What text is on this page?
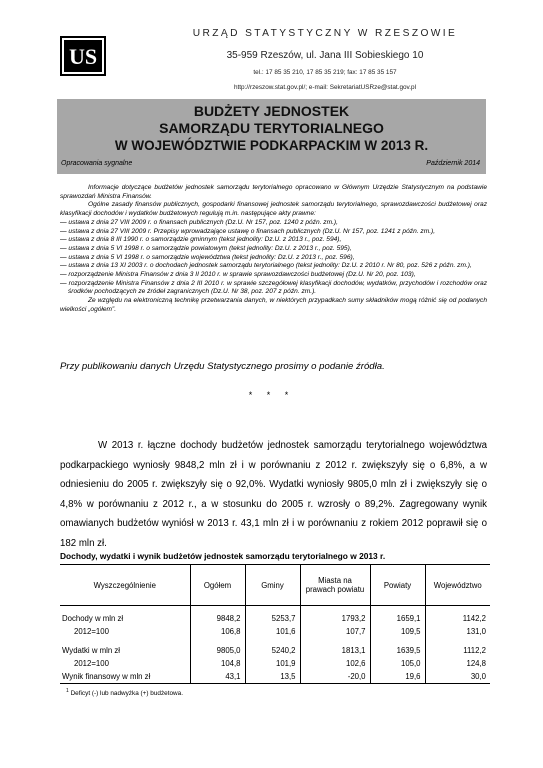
US
URZĄD STATYSTYCZNY W RZESZOWIE
35-959 Rzeszów, ul. Jana III Sobieskiego 10
tel.: 17 85 35 210, 17 85 35 219; fax: 17 85 35 157
http://rzeszow.stat.gov.pl/; e-mail: SekretariatUSRze@stat.gov.pl
BUDŻETY JEDNOSTEK
SAMORZĄDU TERYTORIALNEGO
W WOJEWÓDZTWIE PODKARPACKIM W 2013 R.
Opracowania sygnalne	Październik 2014

Informacje dotyczące budżetów jednostek samorządu terytorialnego opracowano w Głównym Urzędzie Statystycznym na podstawie sprawozdań Ministra Finansów.

Ogólne zasady finansów publicznych, gospodarki finansowej jednostek samorządu terytorialnego, sprawozdawczości budżetowej oraz klasyfikacji dochodów i wydatków budżetowych regulują m.in. następujące akty prawne:

— ustawa z dnia 27 VIII 2009 r. o finansach publicznych (Dz.U. Nr 157, poz. 1240 z późn. zm.),

— ustawa z dnia 27 VIII 2009 r. Przepisy wprowadzające ustawę o finansach publicznych (Dz.U. Nr 157, poz. 1241 z późn. zm.),

— ustawa z dnia 8 III 1990 r. o samorządzie gminnym (tekst jednolity: Dz.U. z 2013 r., poz. 594),

— ustawa z dnia 5 VI 1998 r. o samorządzie powiatowym (tekst jednolity: Dz.U. z 2013 r., poz. 595),

— ustawa z dnia 5 VI 1998 r. o samorządzie województwa (tekst jednolity: Dz.U. z 2013 r., poz. 596),

— ustawa z dnia 13 XI 2003 r. o dochodach jednostek samorządu terytorialnego (tekst jednolity: Dz.U. z 2010 r. Nr 80, poz. 526 z późn. zm.),

— rozporządzenie Ministra Finansów z dnia 3 II 2010 r. w sprawie sprawozdawczości budżetowej (Dz.U. Nr 20, poz. 103),

— rozporządzenie Ministra Finansów z dnia 2 III 2010 r. w sprawie szczegółowej klasyfikacji dochodów, wydatków, przychodów i rozchodów oraz środków pochodzących ze źródeł zagranicznych (Dz.U. Nr 38, poz. 207 z późn. zm.).

Ze względu na elektroniczną technikę przetwarzania danych, w niektórych przypadkach sumy składników mogą różnić się od podanych wielkości „ogółem”.

Przy publikowaniu danych Urzędu Statystycznego prosimy o podanie źródła.
* * *

W 2013 r. łączne dochody budżetów jednostek samorządu terytorialnego województwa podkarpackiego wyniosły 9848,2 mln zł i w porównaniu z 2012 r. zwiększyły się o 6,8%, a w odniesieniu do 2005 r. zwiększyły się o 92,0%. Wydatki wyniosły 9805,0 mln zł i zwiększyły się o 4,8% w porównaniu z 2012 r., a w stosunku do 2005 r. wzrosły o 89,2%. Zagregowany wynik omawianych budżetów wyniósł w 2013 r. 43,1 mln zł i w porównaniu z rokiem 2012 poprawił się o 182 mln zł.

Dochody, wydatki i wynik budżetów jednostek samorządu terytorialnego w 2013 r.
Wyszczególnienie	Ogółem	Gminy	Miasta na prawach powiatu	Powiaty	Województwo

Dochody w mln zł	9848,2	5253,7	1793,2	1659,1	1142,2
2012=100	106,8	101,6	107,7	109,5	131,0

Wydatki w mln zł	9805,0	5240,2	1813,1	1639,5	1112,2
2012=100	104,8	101,9	102,6	105,0	124,8
Wynik finansowy w mln zł	43,1	13,5	-20,0	19,6	30,0
$^1$ Deficyt (-) lub nadwyżka (+) budżetowa.
